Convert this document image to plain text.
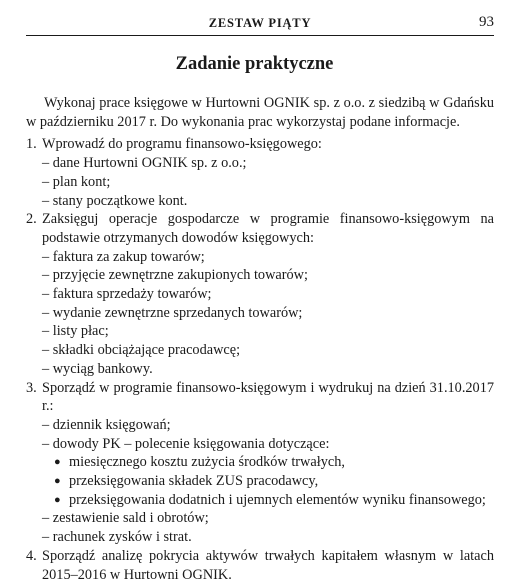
ZESTAW PIĄTY	93
Zadanie praktyczne

Wykonaj prace księgowe w Hurtowni OGNIK sp. z o.o. z siedzibą w Gdańsku w październiku 2017 r. Do wykonania prac wykorzystaj podane informacje.

1. Wprowadź do programu finansowo-księgowego:
– dane Hurtowni OGNIK sp. z o.o.;
– plan kont;
– stany początkowe kont.
2. Zaksięguj operacje gospodarcze w programie finansowo-księgowym na podstawie otrzymanych dowodów księgowych:
– faktura za zakup towarów;
– przyjęcie zewnętrzne zakupionych towarów;
– faktura sprzedaży towarów;
– wydanie zewnętrzne sprzedanych towarów;
– listy płac;
– składki obciążające pracodawcę;
– wyciąg bankowy.
3. Sporządź w programie finansowo-księgowym i wydrukuj na dzień 31.10.2017 r.:
– dziennik księgowań;
– dowody PK – polecenie księgowania dotyczące:
● miesięcznego kosztu zużycia środków trwałych,
● przeksięgowania składek ZUS pracodawcy,
● przeksięgowania dodatnich i ujemnych elementów wyniku finansowego;
– zestawienie sald i obrotów;
– rachunek zysków i strat.
4. Sporządź analizę pokrycia aktywów trwałych kapitałem własnym w latach 2015–2016 w Hurtowni OGNIK.
